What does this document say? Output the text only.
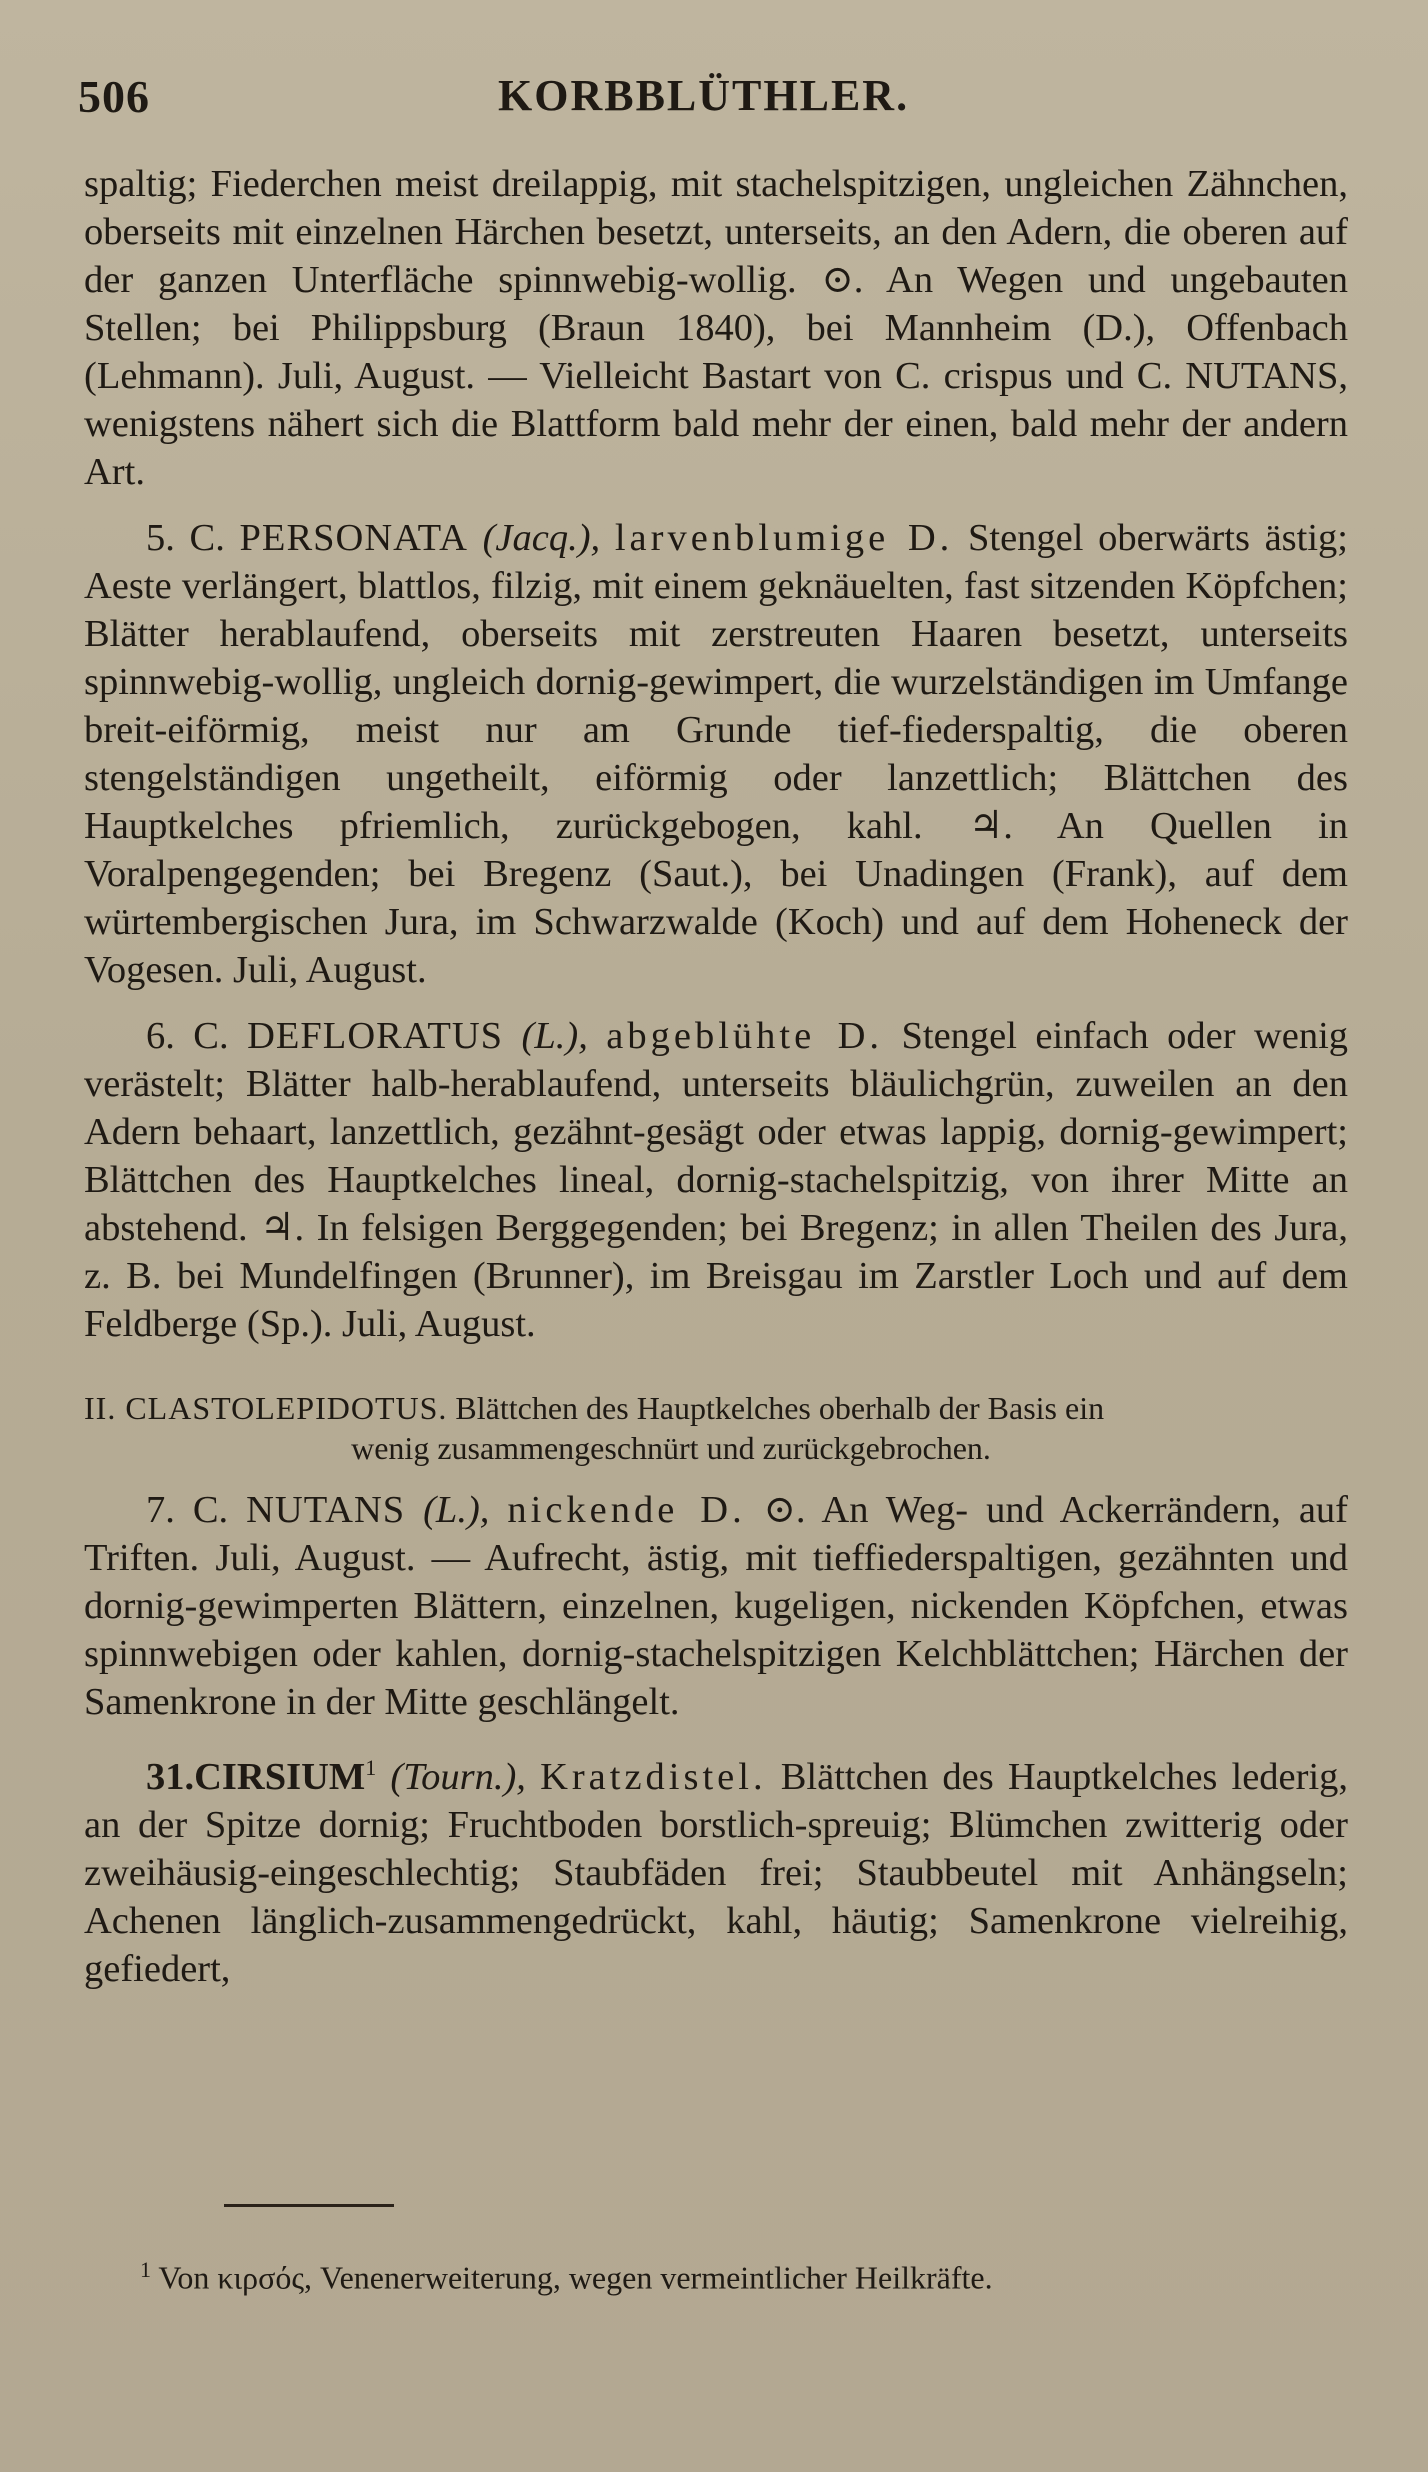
506	KORBBLÜTHLER.

spaltig; Fiederchen meist dreilappig, mit stachelspitzigen, ungleichen Zähnchen, oberseits mit einzelnen Härchen besetzt, unterseits, an den Adern, die oberen auf der ganzen Unterfläche spinnwebig-wollig. ⊙. An Wegen und ungebauten Stellen; bei Philippsburg (Braun 1840), bei Mannheim (D.), Offenbach (Lehmann). Juli, August. — Vielleicht Bastart von C. crispus und C. NUTANS, wenigstens nähert sich die Blattform bald mehr der einen, bald mehr der andern Art.

5. C. PERSONATA (Jacq.), larvenblumige D. Stengel oberwärts ästig; Aeste verlängert, blattlos, filzig, mit einem geknäuelten, fast sitzenden Köpfchen; Blätter herablaufend, oberseits mit zerstreuten Haaren besetzt, unterseits spinnwebig-wollig, ungleich dornig-gewimpert, die wurzelständigen im Umfange breit-eiförmig, meist nur am Grunde tief-fiederspaltig, die oberen stengelständigen ungetheilt, eiförmig oder lanzettlich; Blättchen des Hauptkelches pfriemlich, zurückgebogen, kahl. ♃. An Quellen in Voralpengegenden; bei Bregenz (Saut.), bei Unadingen (Frank), auf dem würtembergischen Jura, im Schwarzwalde (Koch) und auf dem Hoheneck der Vogesen. Juli, August.

6. C. DEFLORATUS (L.), abgeblühte D. Stengel einfach oder wenig verästelt; Blätter halb-herablaufend, unterseits bläulichgrün, zuweilen an den Adern behaart, lanzettlich, gezähnt-gesägt oder etwas lappig, dornig-gewimpert; Blättchen des Hauptkelches lineal, dornig-stachelspitzig, von ihrer Mitte an abstehend. ♃. In felsigen Berggegenden; bei Bregenz; in allen Theilen des Jura, z. B. bei Mundelfingen (Brunner), im Breisgau im Zarstler Loch und auf dem Feldberge (Sp.). Juli, August.

II. CLASTOLEPIDOTUS. Blättchen des Hauptkelches oberhalb der Basis ein
wenig zusammengeschnürt und zurückgebrochen.

7. C. NUTANS (L.), nickende D. ⊙. An Weg- und Ackerrändern, auf Triften. Juli, August. — Aufrecht, ästig, mit tieffiederspaltigen, gezähnten und dornig-gewimperten Blättern, einzelnen, kugeligen, nickenden Köpfchen, etwas spinnwebigen oder kahlen, dornig-stachelspitzigen Kelchblättchen; Härchen der Samenkrone in der Mitte geschlängelt.

31.CIRSIUM$^1$ (Tourn.), Kratzdistel. Blättchen des Hauptkelches lederig, an der Spitze dornig; Fruchtboden borstlich-spreuig; Blümchen zwitterig oder zweihäusig-eingeschlechtig; Staubfäden frei; Staubbeutel mit Anhängseln; Achenen länglich-zusammengedrückt, kahl, häutig; Samenkrone vielreihig, gefiedert,

$^1$ Von κιρσός, Venenerweiterung, wegen vermeintlicher Heilkräfte.
